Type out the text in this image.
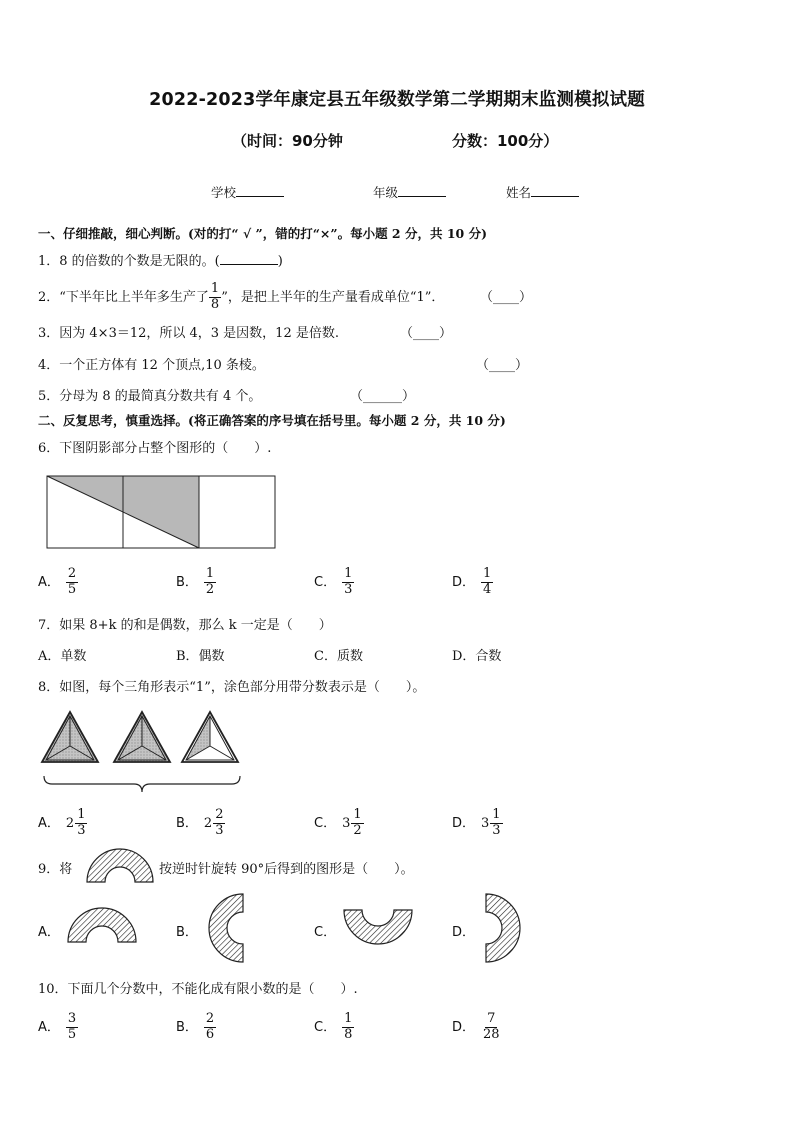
2022-2023学年康定县五年级数学第二学期期末监测模拟试题
（时间：90分钟	分数：100分）
学校	年级	姓名
一、仔细推敲，细心判断。(对的打“ √ ”，错的打“×”。每小题 2 分，共 10 分)
1．8 的倍数的个数是无限的。(	)
2．“下半年比上半年多生产了 $\frac{1}{8}$ ”，是把上半年的生产量看成单位“1”．	（____）
3．因为 4×3＝12，所以 4，3 是因数，12 是倍数.	（____）
4．一个正方体有 12 个顶点,10 条棱。	（____）
5．分母为 8 的最简真分数共有 4 个。	（______）
二、反复思考，慎重选择。(将正确答案的序号填在括号里。每小题 2 分，共 10 分)
6．下图阴影部分占整个图形的（　　）.
A． $\frac{2}{5}$	B． $\frac{1}{2}$	C． $\frac{1}{3}$	D． $\frac{1}{4}$
7．如果 8+k 的和是偶数，那么 k 一定是（　　）
A．单数	B．偶数	C．质数	D．合数
8．如图，每个三角形表示“1”，涂色部分用带分数表示是（　　）。
A． $2 \frac{1}{3}$	B． $2 \frac{2}{3}$	C． $3 \frac{1}{2}$	D． $3 \frac{1}{3}$
9．将	按逆时针旋转 90°后得到的图形是（　　）。
A．	B．	C．	D．
10．下面几个分数中，不能化成有限小数的是（　　）.
A． $\frac{3}{5}$	B． $\frac{2}{6}$	C． $\frac{1}{8}$	D． $\frac{7}{28}$
